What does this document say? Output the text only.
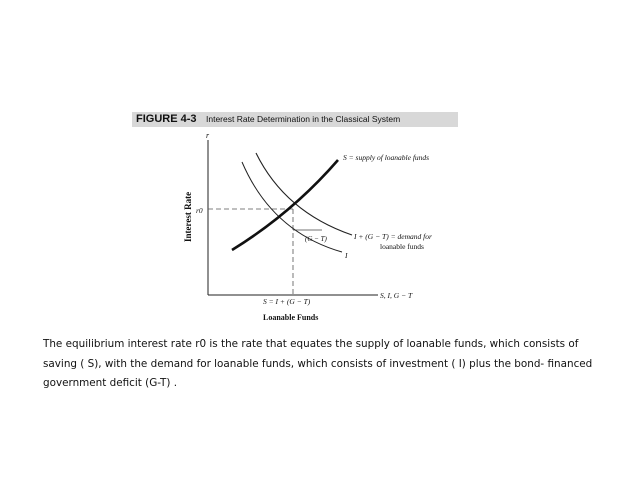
FIGURE 4-3 Interest Rate Determination in the Classical System
r
Interest Rate r0
S, I, G − T
S = I + (G − T)
Loanable Funds
(G − T)
I
I + (G − T) = demand for
loanable funds
S = supply of loanable funds

The equilibrium interest rate r0 is the rate that equates the supply of loanable funds, which consists of saving ( S), with the demand for loanable funds, which consists of investment ( I) plus the bond- financed government deficit (G-T) .
